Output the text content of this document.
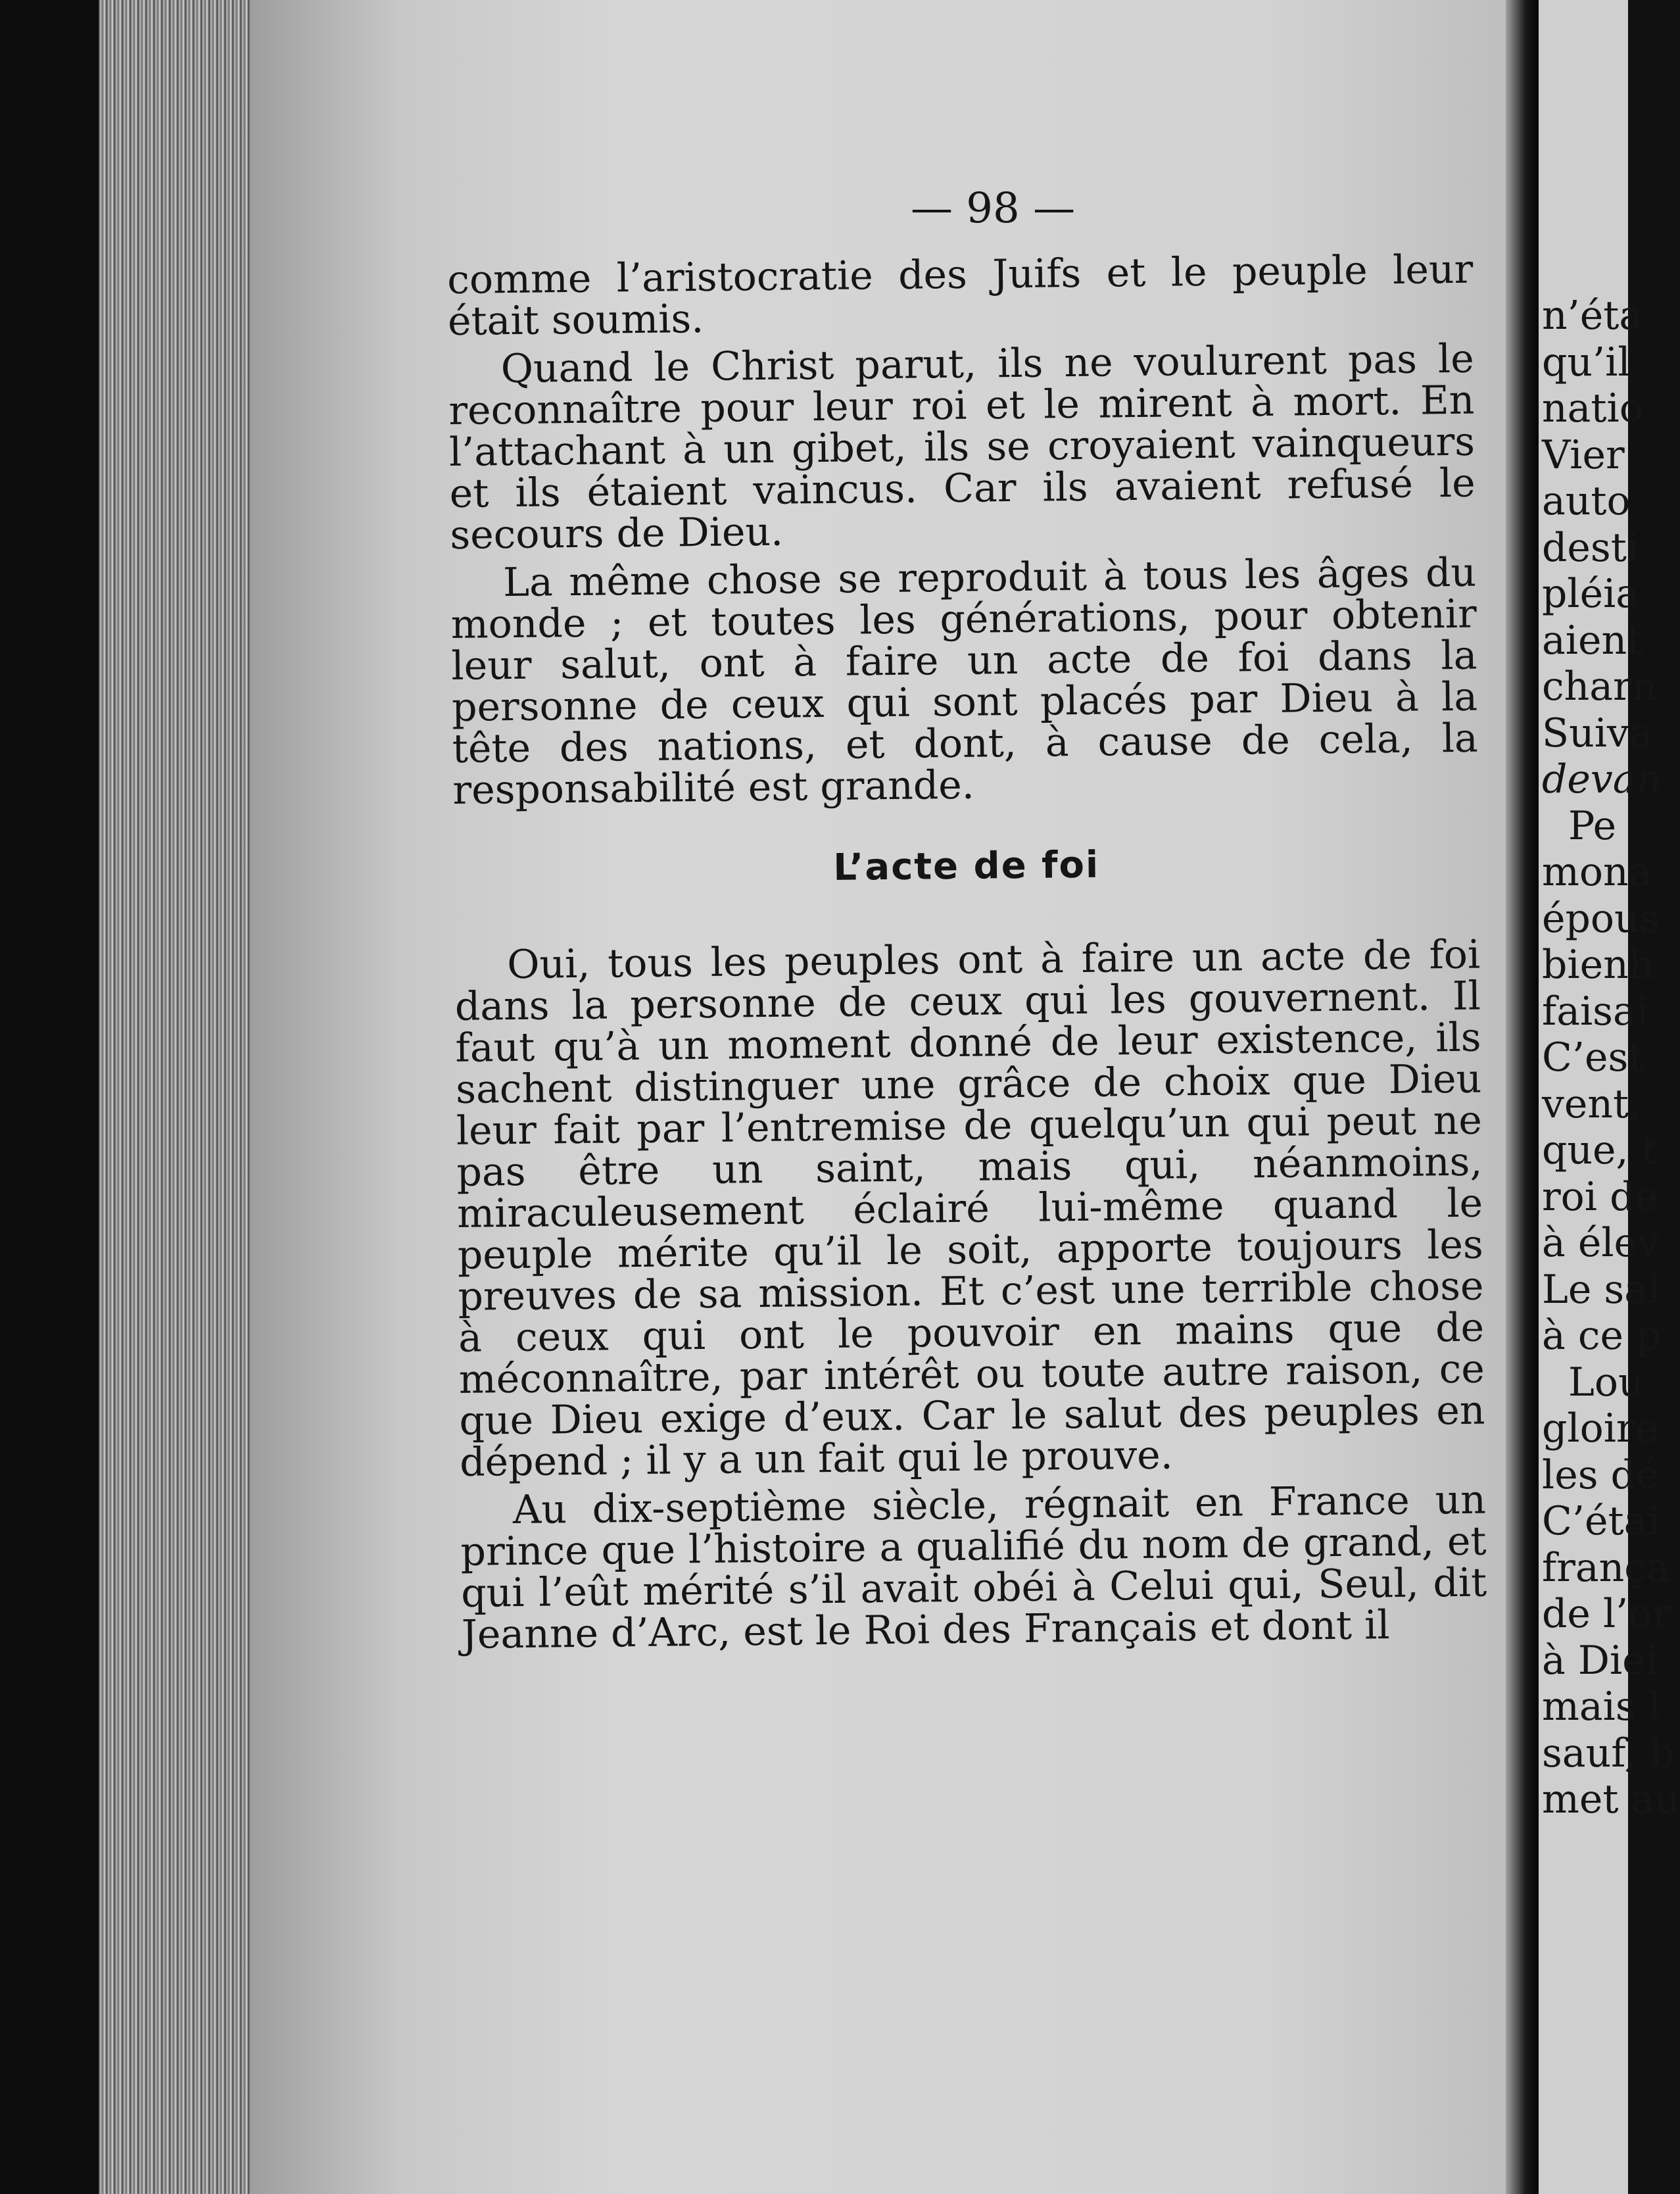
— 98 —

comme l’aristocratie des Juifs et le peuple leur était soumis.

Quand le Christ parut, ils ne voulurent pas le reconnaître pour leur roi et le mirent à mort. En l’attachant à un gibet, ils se croyaient vainqueurs et ils étaient vaincus. Car ils avaient refusé le secours de Dieu.

La même chose se reproduit à tous les âges du monde ; et toutes les générations, pour obtenir leur salut, ont à faire un acte de foi dans la personne de ceux qui sont placés par Dieu à la tête des nations, et dont, à cause de cela, la responsabilité est grande.

L’acte de foi

Oui, tous les peuples ont à faire un acte de foi dans la personne de ceux qui les gouvernent. Il faut qu’à un moment donné de leur existence, ils sachent distinguer une grâce de choix que Dieu leur fait par l’entremise de quelqu’un qui peut ne pas être un saint, mais qui, néanmoins, miraculeusement éclairé lui-même quand le peuple mérite qu’il le soit, apporte toujours les preuves de sa mission. Et c’est une terrible chose à ceux qui ont le pouvoir en mains que de méconnaître, par intérêt ou toute autre raison, ce que Dieu exige d’eux. Car le salut des peuples en dépend ; il y a un fait qui le prouve.

Au dix-septième siècle, régnait en France un prince que l’histoire a qualifié du nom de grand, et qui l’eût mérité s’il avait obéi à Celui qui, Seul, dit Jeanne d’Arc, est le Roi des Français et dont il

n’éta
qu’il
natio
Vier
auto
desti
pléia
aient
charn
Suiva
devan
Pe
mona
épous
bienh
faisai
C’est
vent,
que, t
roi de
à élev
Le sal
à ce p
Lou
gloire
les dé
C’étai
frança
de l’or
à Diei
mais l
sauf, b
met au
